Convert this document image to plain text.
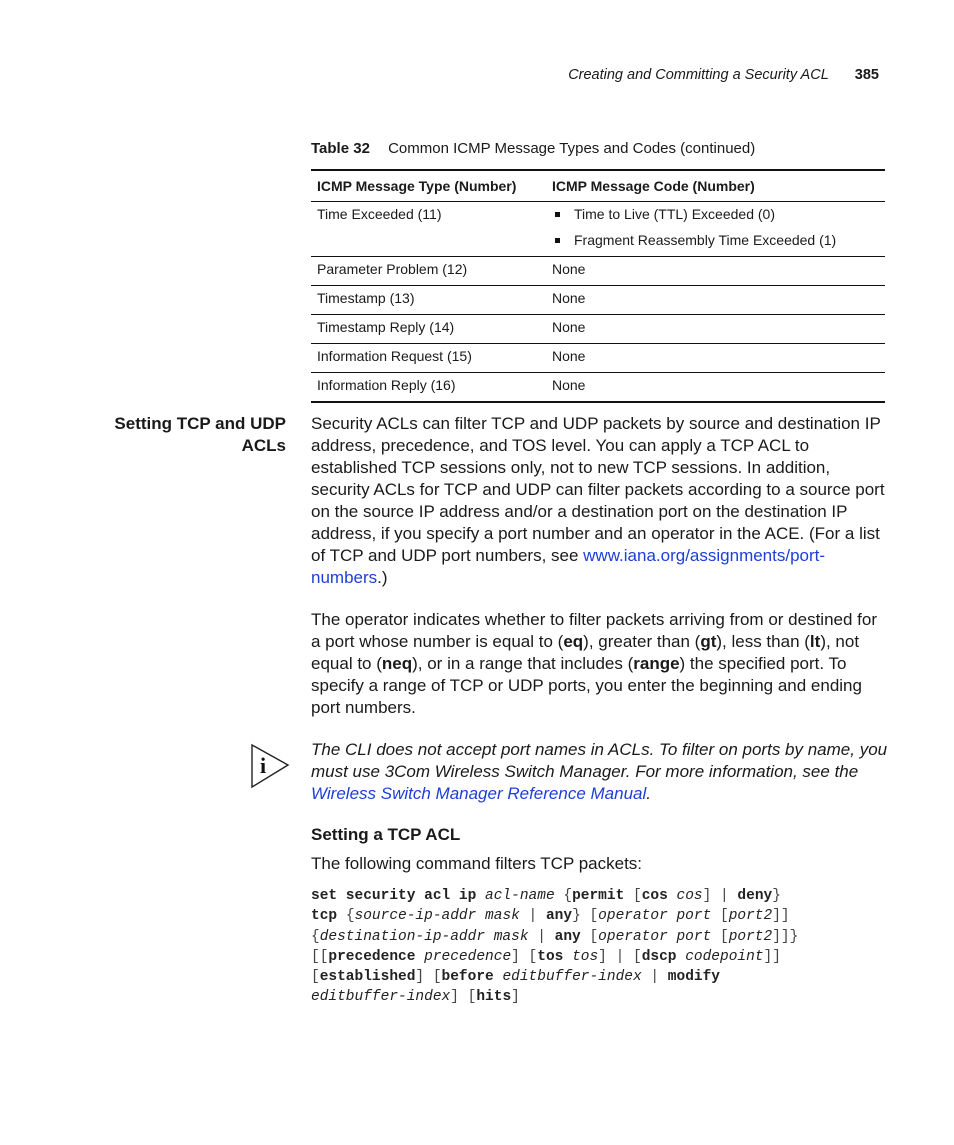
Creating and Committing a Security ACL 385
Table 32 Common ICMP Message Types and Codes (continued)
ICMP Message Type (Number)	ICMP Message Code (Number)
Time Exceeded (11)	Time to Live (TTL) Exceeded (0)
Fragment Reassembly Time Exceeded (1)

Parameter Problem (12)	None
Timestamp (13)	None
Timestamp Reply (14)	None
Information Request (15)	None
Information Reply (16)	None
Setting TCP and UDP ACLs
Security ACLs can filter TCP and UDP packets by source and destination IP address, precedence, and TOS level. You can apply a TCP ACL to established TCP sessions only, not to new TCP sessions. In addition, security ACLs for TCP and UDP can filter packets according to a source port on the source IP address and/or a destination port on the destination IP address, if you specify a port number and an operator in the ACE. (For a list of TCP and UDP port numbers, see www.iana.org/assignments/port-numbers.)
The operator indicates whether to filter packets arriving from or destined for a port whose number is equal to (eq), greater than (gt), less than (lt), not equal to (neq), or in a range that includes (range) the specified port. To specify a range of TCP or UDP ports, you enter the beginning and ending port numbers.
i
The CLI does not accept port names in ACLs. To filter on ports by name, you must use 3Com Wireless Switch Manager. For more information, see the Wireless Switch Manager Reference Manual.
Setting a TCP ACL
The following command filters TCP packets:
set security acl ip acl-name {permit [cos cos] | deny}
tcp {source-ip-addr mask | any} [operator port [port2]]
{destination-ip-addr mask | any [operator port [port2]]}
[[precedence precedence] [tos tos] | [dscp codepoint]]
[established] [before editbuffer-index | modify
editbuffer-index] [hits]
